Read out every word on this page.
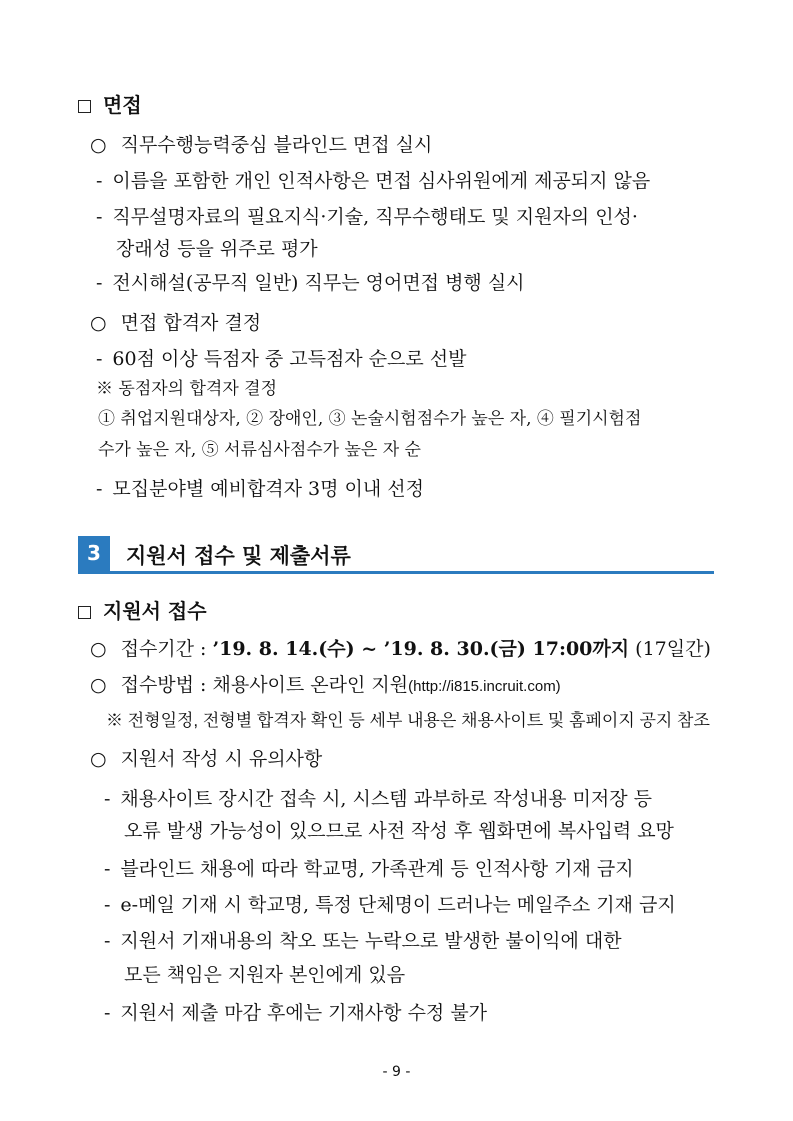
면접
○ 직무수행능력중심 블라인드 면접 실시
- 이름을 포함한 개인 인적사항은 면접 심사위원에게 제공되지 않음
- 직무설명자료의 필요지식·기술, 직무수행태도 및 지원자의 인성·
장래성 등을 위주로 평가
- 전시해설(공무직 일반) 직무는 영어면접 병행 실시
○ 면접 합격자 결정
- 60점 이상 득점자 중 고득점자 순으로 선발
※ 동점자의 합격자 결정
① 취업지원대상자, ② 장애인, ③ 논술시험점수가 높은 자, ④ 필기시험점
수가 높은 자, ⑤ 서류심사점수가 높은 자 순
- 모집분야별 예비합격자 3명 이내 선정
3	지원서 접수 및 제출서류
지원서 접수
○ 접수기간 : ’19. 8. 14.(수) ~ ’19. 8. 30.(금) 17:00까지 (17일간)
○ 접수방법 : 채용사이트 온라인 지원(http://i815.incruit.com)
※ 전형일정, 전형별 합격자 확인 등 세부 내용은 채용사이트 및 홈페이지 공지 참조
○ 지원서 작성 시 유의사항
- 채용사이트 장시간 접속 시, 시스템 과부하로 작성내용 미저장 등
오류 발생 가능성이 있으므로 사전 작성 후 웹화면에 복사입력 요망
- 블라인드 채용에 따라 학교명, 가족관계 등 인적사항 기재 금지
- e-메일 기재 시 학교명, 특정 단체명이 드러나는 메일주소 기재 금지
- 지원서 기재내용의 착오 또는 누락으로 발생한 불이익에 대한
모든 책임은 지원자 본인에게 있음
- 지원서 제출 마감 후에는 기재사항 수정 불가
- 9 -
